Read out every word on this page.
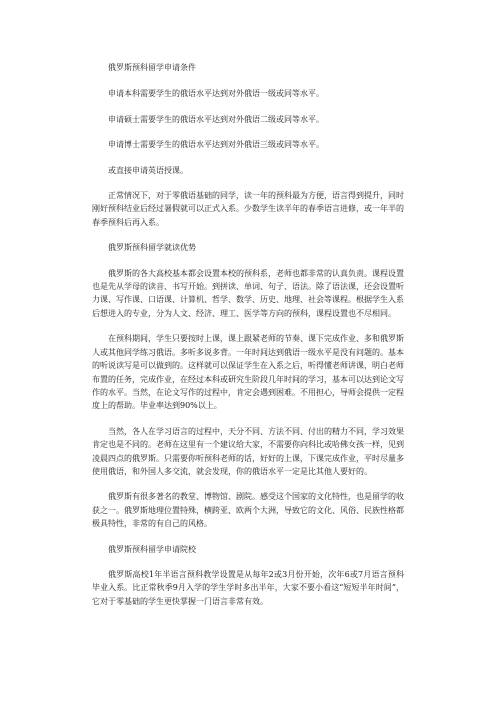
俄罗斯预科留学申请条件

申请本科需要学生的俄语水平达到对外俄语一级或同等水平。

申请硕士需要学生的俄语水平达到对外俄语二级或同等水平。

申请博士需要学生的俄语水平达到对外俄语三级或同等水平。

或直接申请英语授课。

正常情况下，对于零俄语基础的同学，读一年的预科最为方便，语言得到提升，同时刚好预科结业后经过暑假就可以正式入系。少数学生读半年的春季语言进修，或一年半的春季预科后再入系。

俄罗斯预科留学就读优势

俄罗斯的各大高校基本都会设置本校的预科系，老师也都非常的认真负责。课程设置也是先从学母的读音、书写开始。到拼读、单词、句子、语法。除了语法课，还会设置听力课、写作课、口语课、计算机、哲学、数学、历史、地理、社会等课程。根据学生入系后想进入的专业，分为人文、经济、理工、医学等方向的预科，课程设置也不尽相同。

在预科期间，学生只要按时上课，课上跟紧老师的节奏、课下完成作业、多和俄罗斯人或其他同学练习俄语。多听多说多背。一年时间达到俄语一级水平是没有问题的。基本的听说读写是可以做到的。这样就可以保证学生在入系之后，听得懂老师讲课，明白老师布置的任务，完成作业，在经过本科或研究生阶段几年时间的学习，基本可以达到论文写作的水平。当然，在论文写作的过程中，肯定会遇到困难。不用担心，导师会提供一定程度上的帮助。毕业率达到90%以上。

当然，各人在学习语言的过程中，天分不同、方法不同、付出的精力不同，学习效果肯定也是不同的。老师在这里有一个建议给大家，不需要你向科比或哈佛女孩一样，见到凌晨四点的俄罗斯。只需要你听预科老师的话，好好的上课，下课完成作业，平时尽量多使用俄语，和外国人多交流，就会发现，你的俄语水平一定是比其他人要好的。

俄罗斯有很多著名的教堂、博物馆、剧院。感受这个国家的文化特性，也是留学的收获之一。俄罗斯地理位置特殊，横跨亚、欧两个大洲，导致它的文化、风俗、民族性格都极具特性，非常的有自己的风格。

俄罗斯预科留学申请院校

俄罗斯高校1年半语言预科教学设置是从每年2或3月份开始，次年6或7月语言预科毕业入系。比正常秋季9月入学的学生学时多出半年，大家不要小看这“短短半年时间”，它对于零基础的学生更快掌握一门语言非常有效。
